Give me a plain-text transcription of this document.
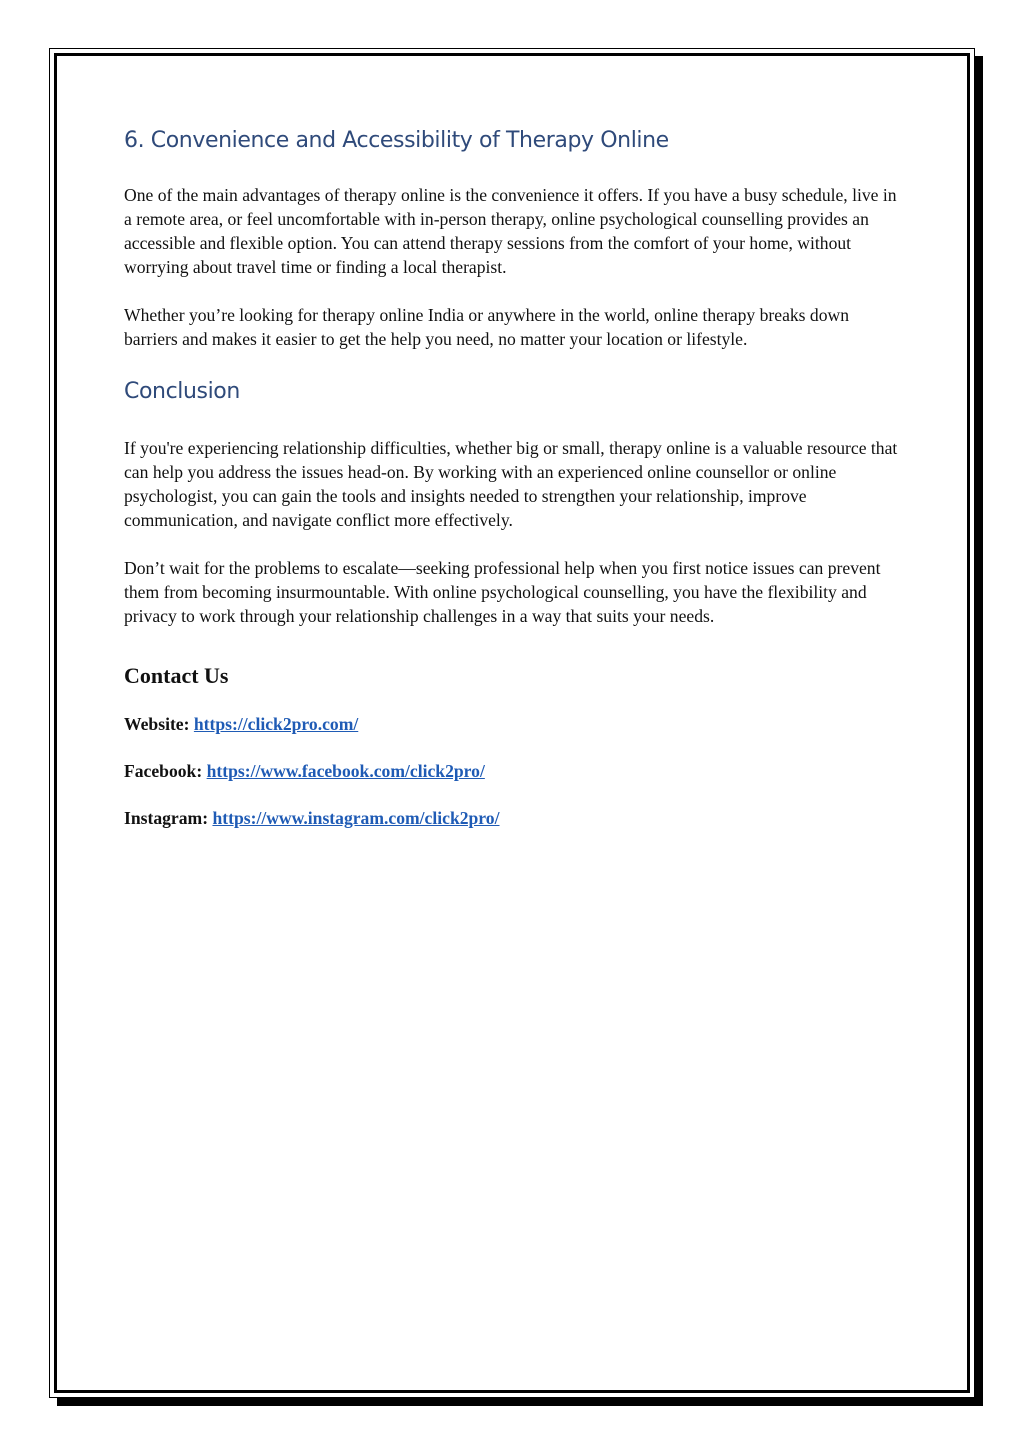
6. Convenience and Accessibility of Therapy Online

One of the main advantages of therapy online is the convenience it offers. If you have a busy schedule, live in a remote area, or feel uncomfortable with in-person therapy, online psychological counselling provides an accessible and flexible option. You can attend therapy sessions from the comfort of your home, without worrying about travel time or finding a local therapist.

Whether you’re looking for therapy online India or anywhere in the world, online therapy breaks down barriers and makes it easier to get the help you need, no matter your location or lifestyle.

Conclusion

If you're experiencing relationship difficulties, whether big or small, therapy online is a valuable resource that can help you address the issues head-on. By working with an experienced online counsellor or online psychologist, you can gain the tools and insights needed to strengthen your relationship, improve communication, and navigate conflict more effectively.

Don’t wait for the problems to escalate—seeking professional help when you first notice issues can prevent them from becoming insurmountable. With online psychological counselling, you have the flexibility and privacy to work through your relationship challenges in a way that suits your needs.

Contact Us
Website: https://click2pro.com/
Facebook: https://www.facebook.com/click2pro/
Instagram: https://www.instagram.com/click2pro/
